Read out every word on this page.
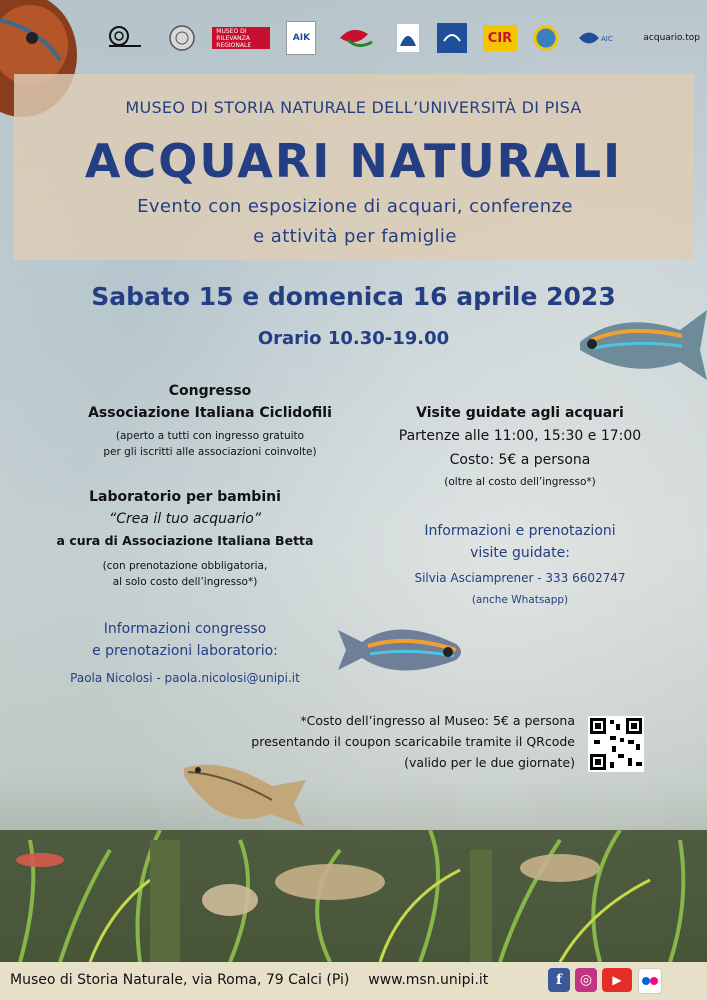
MUSEO DI RILEVANZA REGIONALE
AIK	CIR	AIC	acquario.top
MUSEO DI STORIA NATURALE DELL’UNIVERSITÀ DI PISA
ACQUARI NATURALI
Evento con esposizione di acquari, conferenze
e attività per famiglie
Sabato 15 e domenica 16 aprile 2023
Orario 10.30-19.00
Congresso
Associazione Italiana Ciclidofili
(aperto a tutti con ingresso gratuito
per gli iscritti alle associazioni coinvolte)
Laboratorio per bambini
“Crea il tuo acquario”
a cura di Associazione Italiana Betta
(con prenotazione obbligatoria,
al solo costo dell’ingresso*)
Informazioni congresso
e prenotazioni laboratorio:
Paola Nicolosi - paola.nicolosi@unipi.it
Visite guidate agli acquari
Partenze alle 11:00, 15:30 e 17:00
Costo: 5€ a persona
(oltre al costo dell’ingresso*)
Informazioni e prenotazioni
visite guidate:
Silvia Asciamprener - 333 6602747
(anche Whatsapp)
*Costo dell’ingresso al Museo: 5€ a persona
presentando il coupon scaricabile tramite il QRcode
(valido per le due giornate)
Museo di Storia Naturale, via Roma, 79 Calci (Pi) www.msn.unipi.it	f	◎	▶
